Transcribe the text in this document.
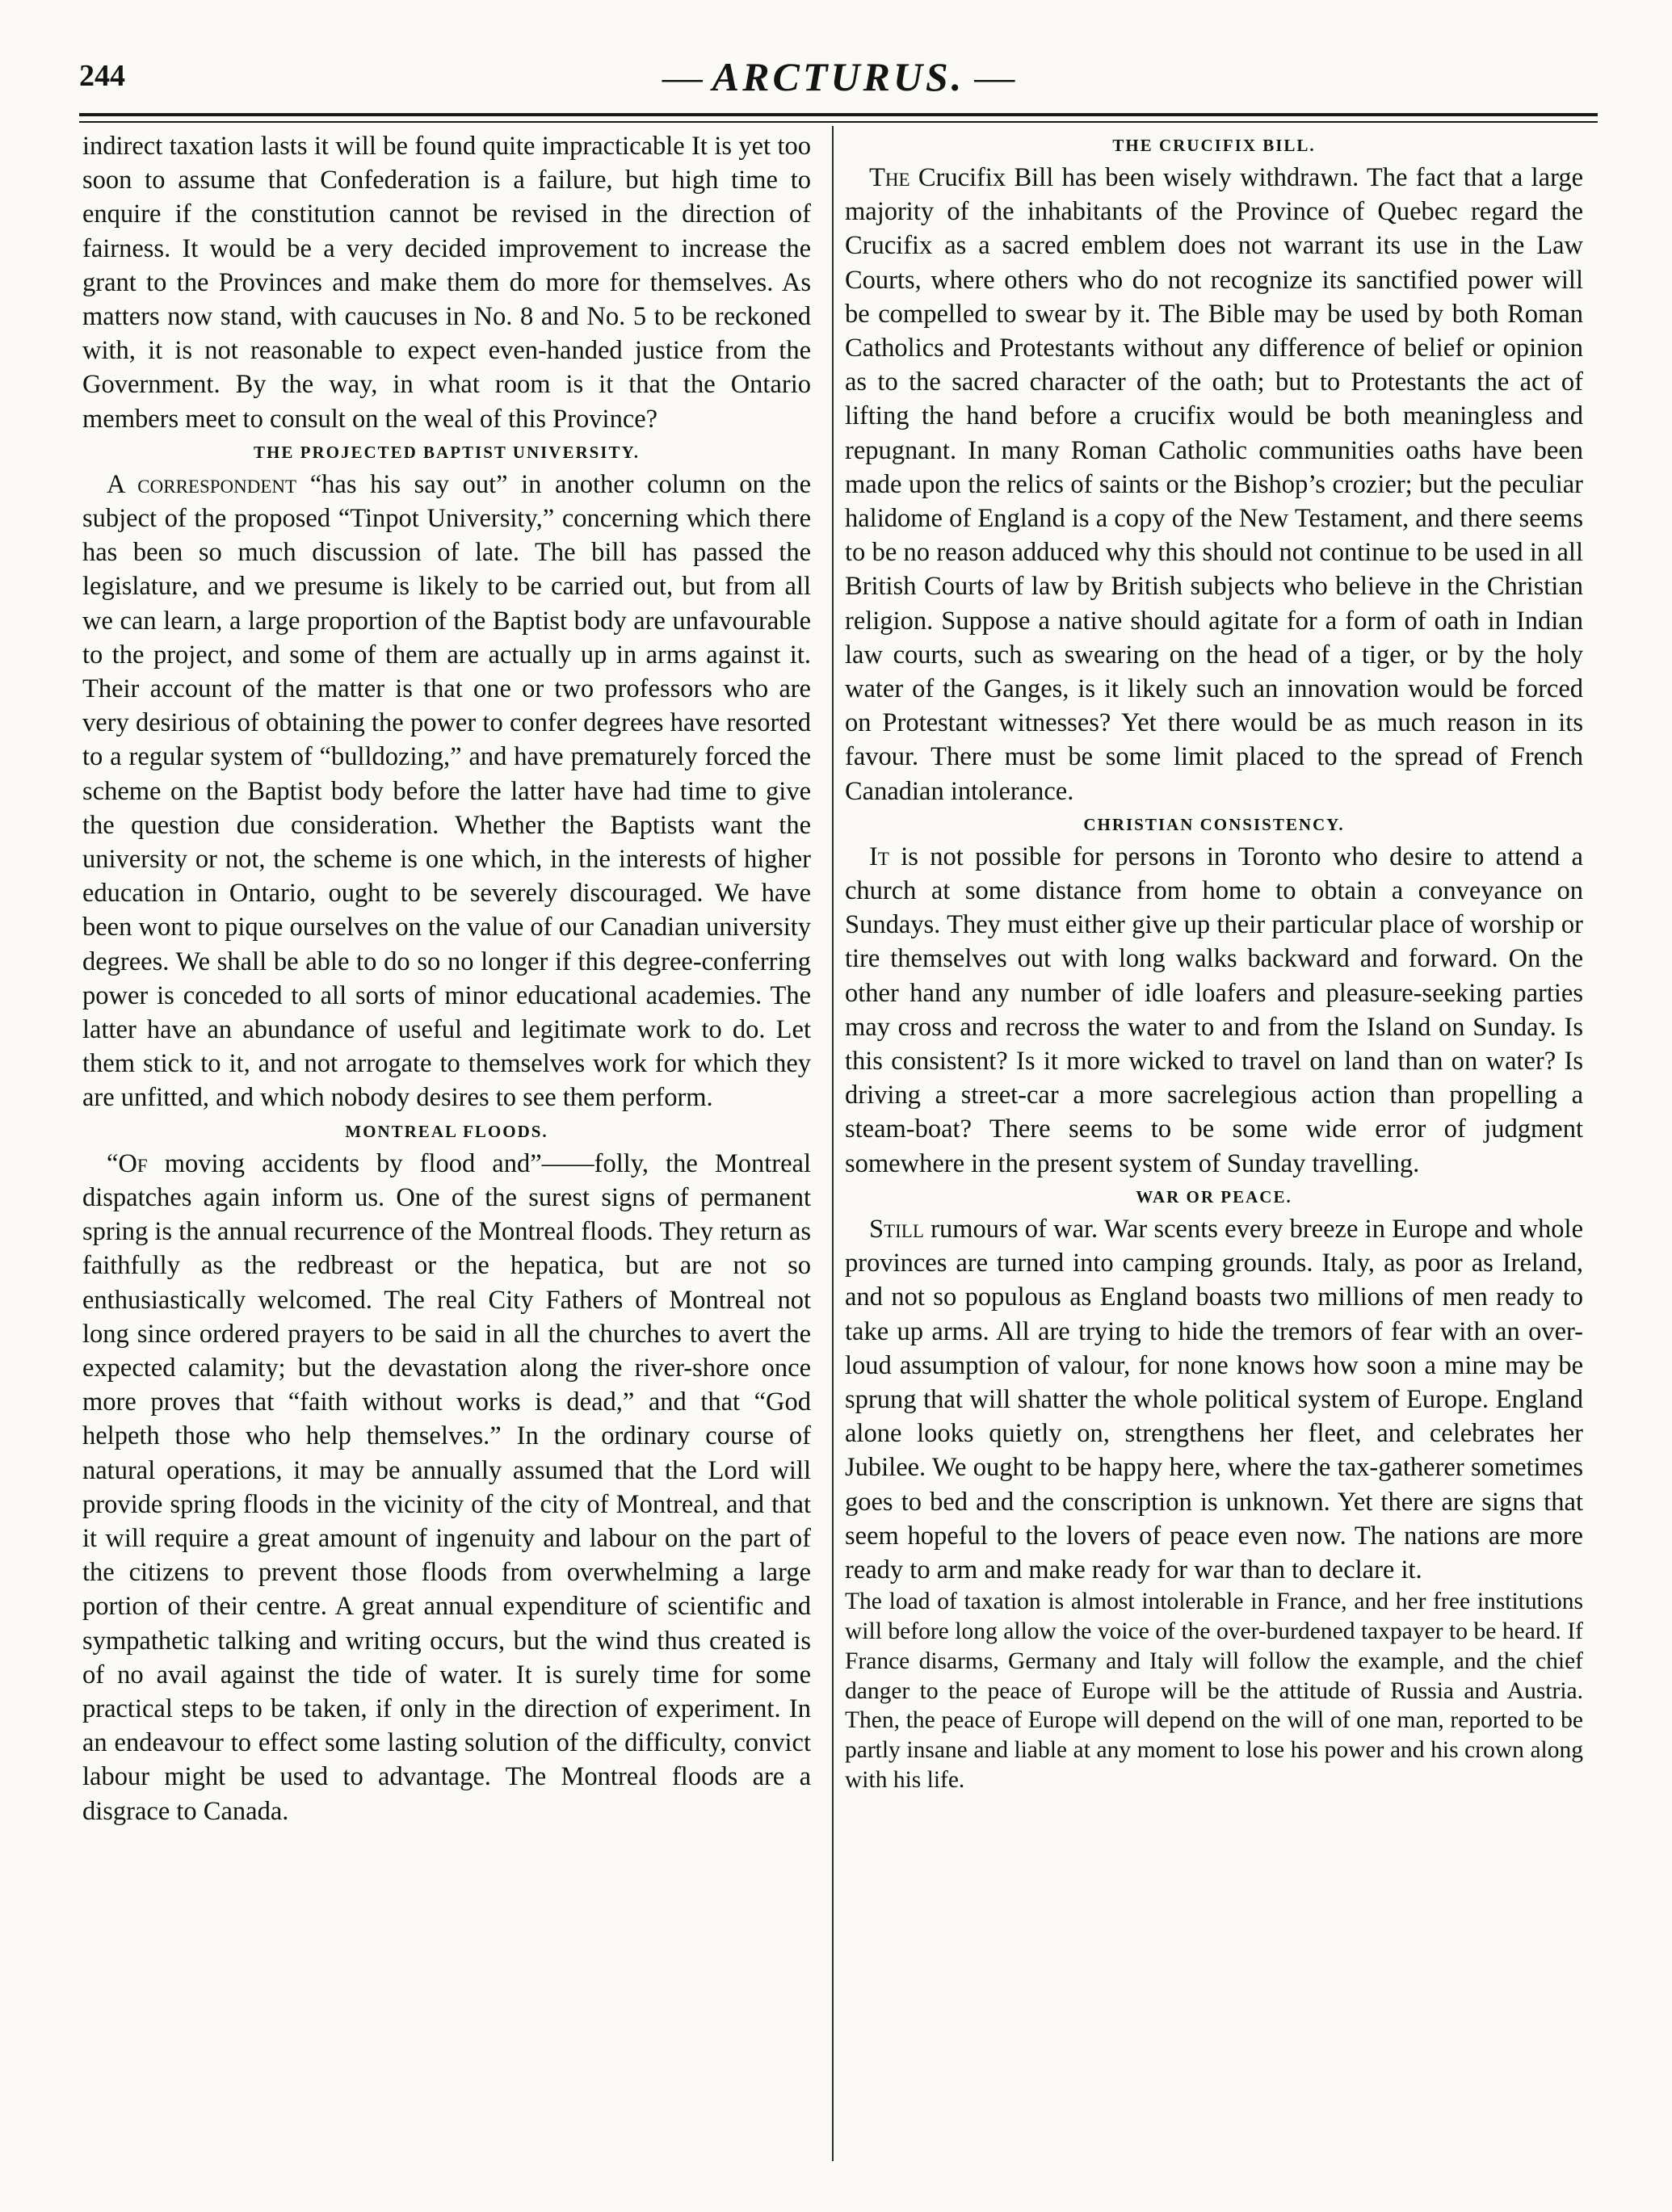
244	— ARCTURUS. —

indirect taxation lasts it will be found quite impracticable It is yet too soon to assume that Confederation is a failure, but high time to enquire if the constitution cannot be revised in the direction of fairness. It would be a very decided improvement to increase the grant to the Provinces and make them do more for themselves. As matters now stand, with caucuses in No. 8 and No. 5 to be reckoned with, it is not reasonable to expect even-handed justice from the Government. By the way, in what room is it that the Ontario members meet to consult on the weal of this Province?

THE PROJECTED BAPTIST UNIVERSITY.

A correspondent “has his say out” in another column on the subject of the proposed “Tinpot University,” concerning which there has been so much discussion of late. The bill has passed the legislature, and we presume is likely to be carried out, but from all we can learn, a large proportion of the Baptist body are unfavourable to the project, and some of them are actually up in arms against it. Their account of the matter is that one or two professors who are very desirious of obtaining the power to confer degrees have resorted to a regular system of “bulldozing,” and have prematurely forced the scheme on the Baptist body before the latter have had time to give the question due consideration. Whether the Baptists want the university or not, the scheme is one which, in the interests of higher education in Ontario, ought to be severely discouraged. We have been wont to pique ourselves on the value of our Canadian university degrees. We shall be able to do so no longer if this degree-conferring power is conceded to all sorts of minor educational academies. The latter have an abundance of useful and legitimate work to do. Let them stick to it, and not arrogate to themselves work for which they are unfitted, and which nobody desires to see them perform.

MONTREAL FLOODS.

“Of moving accidents by flood and”——folly, the Montreal dispatches again inform us. One of the surest signs of permanent spring is the annual recurrence of the Montreal floods. They return as faithfully as the redbreast or the hepatica, but are not so enthusiastically welcomed. The real City Fathers of Montreal not long since ordered prayers to be said in all the churches to avert the expected calamity; but the devastation along the river-shore once more proves that “faith without works is dead,” and that “God helpeth those who help themselves.” In the ordinary course of natural operations, it may be annually assumed that the Lord will provide spring floods in the vicinity of the city of Montreal, and that it will require a great amount of ingenuity and labour on the part of the citizens to prevent those floods from overwhelming a large portion of their centre. A great annual expenditure of scientific and sympathetic talking and writing occurs, but the wind thus created is of no avail against the tide of water. It is surely time for some practical steps to be taken, if only in the direction of experiment. In an endeavour to effect some lasting solution of the difficulty, convict labour might be used to advantage. The Montreal floods are a disgrace to Canada.

THE CRUCIFIX BILL.

The Crucifix Bill has been wisely withdrawn. The fact that a large majority of the inhabitants of the Province of Quebec regard the Crucifix as a sacred emblem does not warrant its use in the Law Courts, where others who do not recognize its sanctified power will be compelled to swear by it. The Bible may be used by both Roman Catholics and Protestants without any difference of belief or opinion as to the sacred character of the oath; but to Protestants the act of lifting the hand before a crucifix would be both meaningless and repugnant. In many Roman Catholic communities oaths have been made upon the relics of saints or the Bishop’s crozier; but the peculiar halidome of England is a copy of the New Testament, and there seems to be no reason adduced why this should not continue to be used in all British Courts of law by British subjects who believe in the Christian religion. Suppose a native should agitate for a form of oath in Indian law courts, such as swearing on the head of a tiger, or by the holy water of the Ganges, is it likely such an innovation would be forced on Protestant witnesses? Yet there would be as much reason in its favour. There must be some limit placed to the spread of French Canadian intolerance.

CHRISTIAN CONSISTENCY.

It is not possible for persons in Toronto who desire to attend a church at some distance from home to obtain a conveyance on Sundays. They must either give up their particular place of worship or tire themselves out with long walks backward and forward. On the other hand any number of idle loafers and pleasure-seeking parties may cross and recross the water to and from the Island on Sunday. Is this consistent? Is it more wicked to travel on land than on water? Is driving a street-car a more sacrelegious action than propelling a steam-boat? There seems to be some wide error of judgment somewhere in the present system of Sunday travelling.

WAR OR PEACE.

Still rumours of war. War scents every breeze in Europe and whole provinces are turned into camping grounds. Italy, as poor as Ireland, and not so populous as England boasts two millions of men ready to take up arms. All are trying to hide the tremors of fear with an over-loud assumption of valour, for none knows how soon a mine may be sprung that will shatter the whole political system of Europe. England alone looks quietly on, strengthens her fleet, and celebrates her Jubilee. We ought to be happy here, where the tax-gatherer sometimes goes to bed and the conscription is unknown. Yet there are signs that seem hopeful to the lovers of peace even now. The nations are more ready to arm and make ready for war than to declare it.

The load of taxation is almost intolerable in France, and her free institutions will before long allow the voice of the over-burdened taxpayer to be heard. If France disarms, Germany and Italy will follow the example, and the chief danger to the peace of Europe will be the attitude of Russia and Austria. Then, the peace of Europe will depend on the will of one man, reported to be partly insane and liable at any moment to lose his power and his crown along with his life.
